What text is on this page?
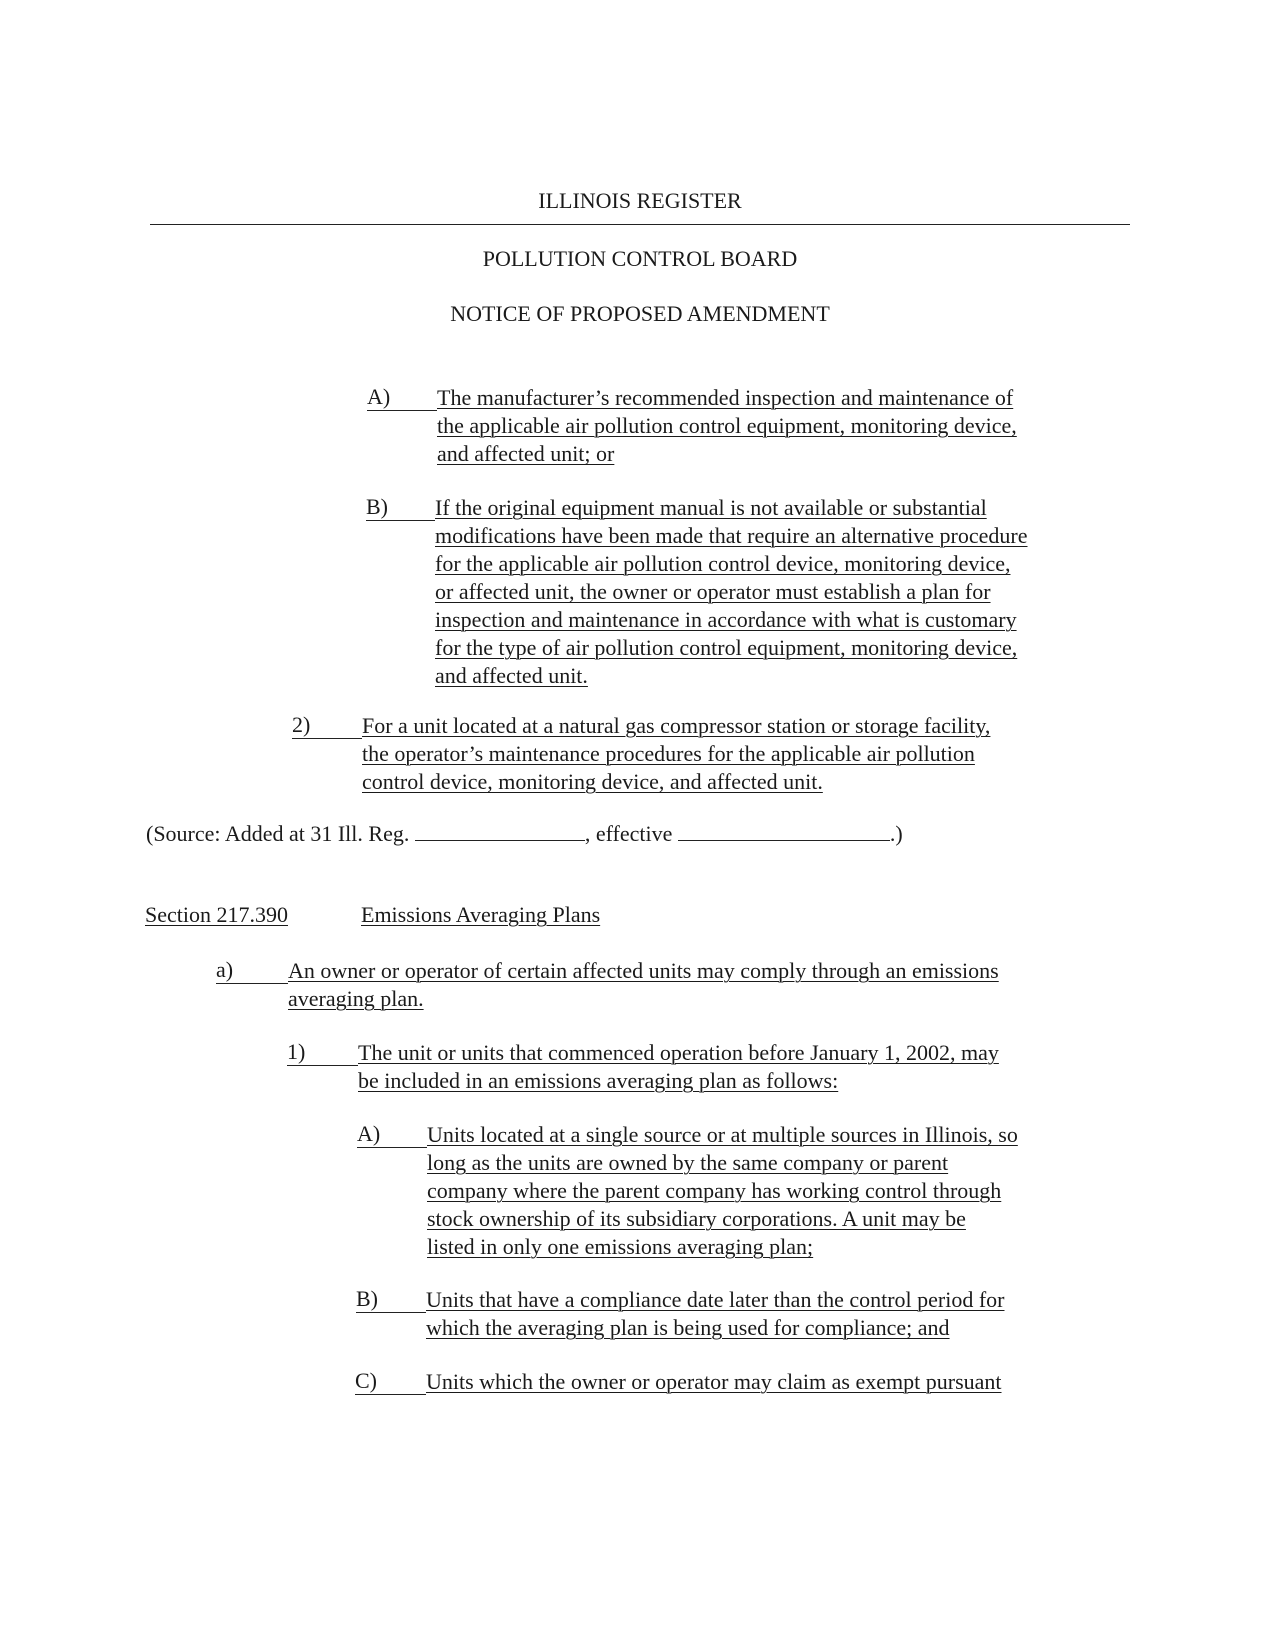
ILLINOIS REGISTER
POLLUTION CONTROL BOARD
NOTICE OF PROPOSED AMENDMENT
A)	The manufacturer’s recommended inspection and maintenance of
the applicable air pollution control equipment, monitoring device,
and affected unit; or
B)	If the original equipment manual is not available or substantial
modifications have been made that require an alternative procedure
for the applicable air pollution control device, monitoring device,
or affected unit, the owner or operator must establish a plan for
inspection and maintenance in accordance with what is customary
for the type of air pollution control equipment, monitoring device,
and affected unit.
2)	For a unit located at a natural gas compressor station or storage facility,
the operator’s maintenance procedures for the applicable air pollution
control device, monitoring device, and affected unit.
(Source: Added at 31 Ill. Reg.	, effective	.)
Section 217.390	Emissions Averaging Plans
a)	An owner or operator of certain affected units may comply through an emissions
averaging plan.
1)	The unit or units that commenced operation before January 1, 2002, may
be included in an emissions averaging plan as follows:
A)	Units located at a single source or at multiple sources in Illinois, so
long as the units are owned by the same company or parent
company where the parent company has working control through
stock ownership of its subsidiary corporations. A unit may be
listed in only one emissions averaging plan;
B)	Units that have a compliance date later than the control period for
which the averaging plan is being used for compliance; and
C)	Units which the owner or operator may claim as exempt pursuant
